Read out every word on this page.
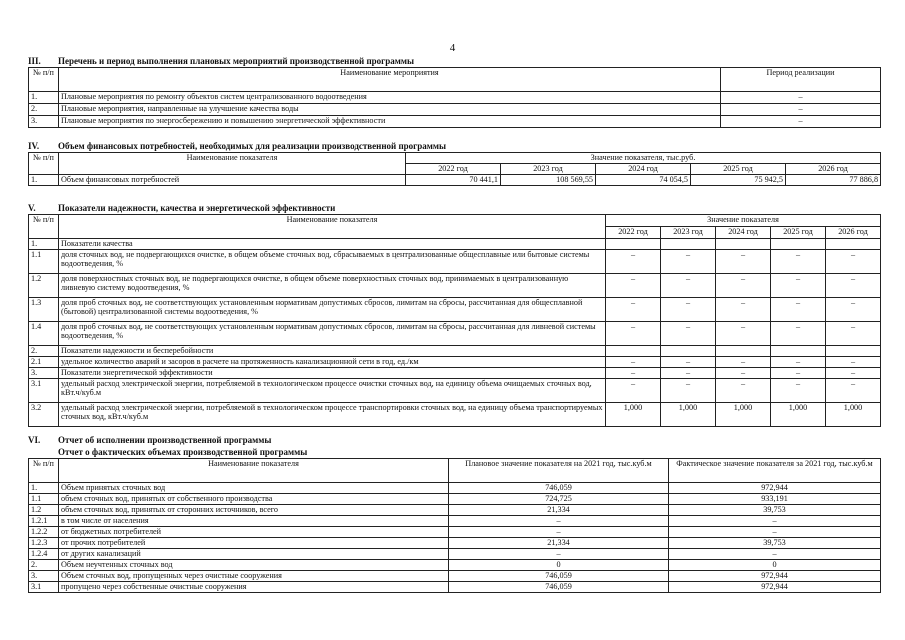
4
III. Перечень и период выполнения плановых мероприятий производственной программы
№ п/п	Наименование мероприятия	Период реализации
1.	Плановые мероприятия по ремонту объектов систем централизованного водоотведения	–
2.	Плановые мероприятия, направленные на улучшение качества воды	–
3.	Плановые мероприятия по энергосбережению и повышению энергетической эффективности	–
IV. Объем финансовых потребностей, необходимых для реализации производственной программы
№ п/п	Наименование показателя	Значение показателя, тыс.руб.				
		2022 год	2023 год	2024 год	2025 год	2026 год
1.	Объем финансовых потребностей	70 441,1	108 569,55	74 054,5	75 942,5	77 886,8
V. Показатели надежности, качества и энергетической эффективности
№ п/п	Наименование показателя	Значение показателя				
		2022 год	2023 год	2024 год	2025 год	2026 год
1.	Показатели качества					
1.1	доля сточных вод, не подвергающихся очистке, в общем объеме сточных вод, сбрасываемых в централизованные общесплавные или бытовые системы водоотведения, %	–	–	–	–	–
1.2	доля поверхностных сточных вод, не подвергающихся очистке, в общем объеме поверхностных сточных вод, принимаемых в централизованную ливневую систему водоотведения, %	–	–	–	–	–
1.3	доля проб сточных вод, не соответствующих установленным нормативам допустимых сбросов, лимитам на сбросы, рассчитанная для общесплавной (бытовой) централизованной системы водоотведения, %	–	–	–	–	–
1.4	доля проб сточных вод, не соответствующих установленным нормативам допустимых сбросов, лимитам на сбросы, рассчитанная для ливневой системы водоотведения, %	–	–	–	–	–
2.	Показатели надежности и бесперебойности					
2.1	удельное количество аварий и засоров в расчете на протяженность канализационной сети в год, ед./км	–	–	–	–	–
3.	Показатели энергетической эффективности	–	–	–	–	–
3.1	удельный расход электрической энергии, потребляемой в технологическом процессе очистки сточных вод, на единицу объема очищаемых сточных вод, кВт.ч/куб.м	–	–	–	–	–
3.2	удельный расход электрической энергии, потребляемой в технологическом процессе транспортировки сточных вод, на единицу объема транспортируемых сточных вод, кВт.ч/куб.м	1,000	1,000	1,000	1,000	1,000
VI. Отчет об исполнении производственной программы
Отчет о фактических объемах производственной программы
№ п/п	Наименование показателя	Плановое значение показателя на 2021 год, тыс.куб.м	Фактическое значение показателя за 2021 год, тыс.куб.м
1.	Объем принятых сточных вод	746,059	972,944
1.1	объем сточных вод, принятых от собственного производства	724,725	933,191
1.2	объем сточных вод, принятых от сторонних источников, всего	21,334	39,753
1.2.1	в том числе от населения	–	–
1.2.2	от бюджетных потребителей	–	–
1.2.3	от прочих потребителей	21,334	39,753
1.2.4	от других канализаций	–	–
2.	Объем неучтенных сточных вод	0	0
3.	Объем сточных вод, пропущенных через очистные сооружения	746,059	972,944
3.1	пропущено через собственные очистные сооружения	746,059	972,944
